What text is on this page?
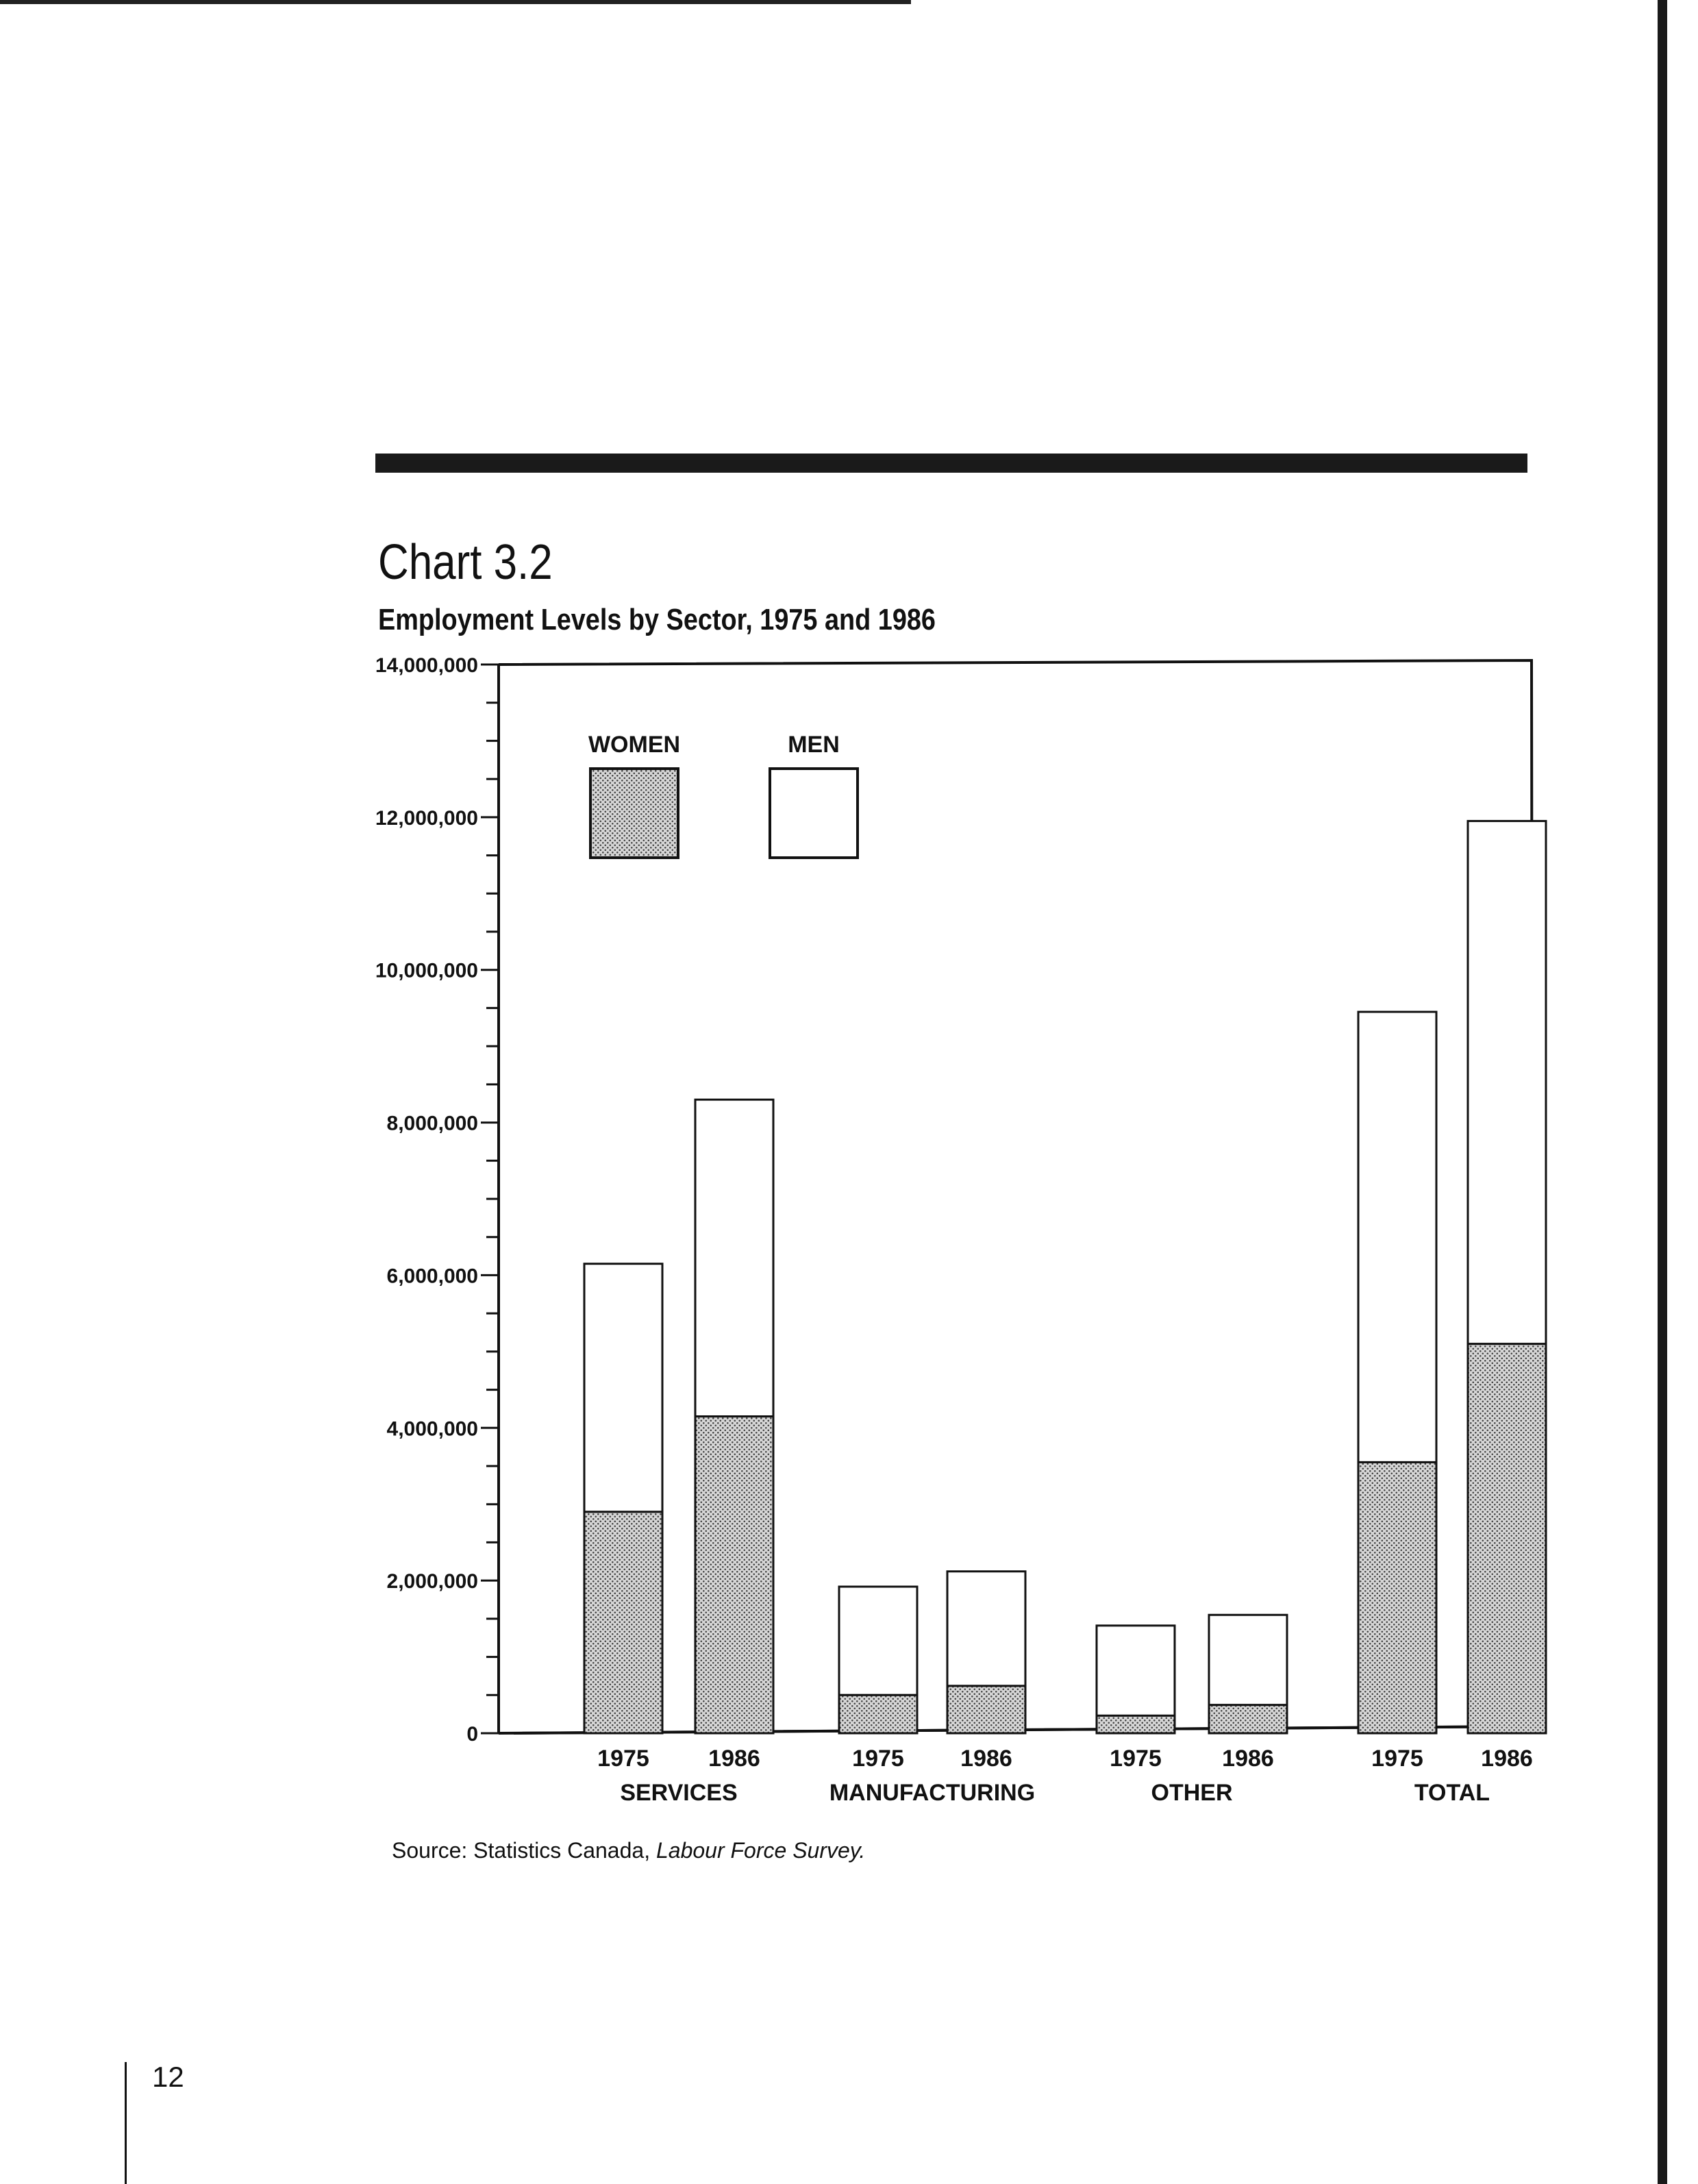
Chart 3.2
Employment Levels by Sector, 1975 and 1986
0
2,000,000
4,000,000
6,000,000
8,000,000
10,000,000
12,000,000
14,000,000
WOMEN	MEN
1975	1986	1975 1986	1975	1986	1975 1986
SERVICES	MANUFACTURING	OTHER	TOTAL
Source: Statistics Canada, Labour Force Survey.
12
